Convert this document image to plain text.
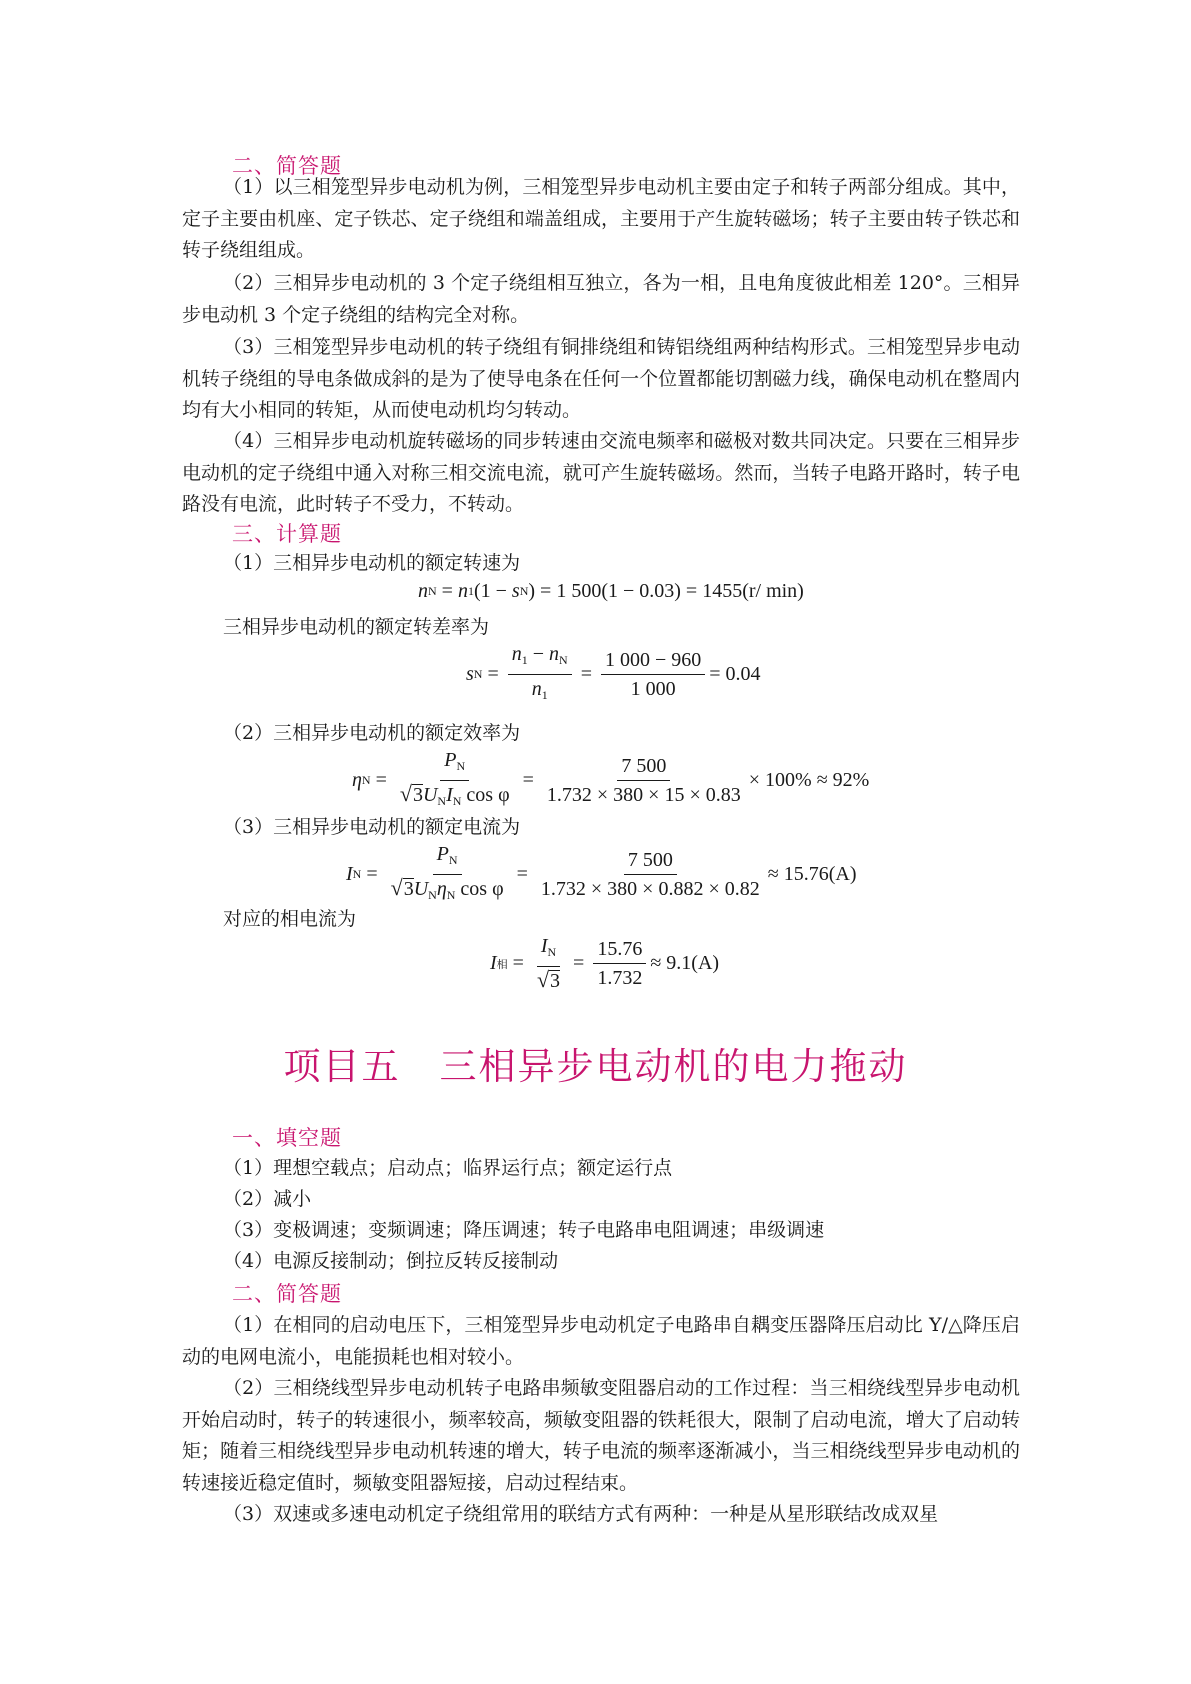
二、简答题

（1）以三相笼型异步电动机为例，三相笼型异步电动机主要由定子和转子两部分组成。其中，定子主要由机座、定子铁芯、定子绕组和端盖组成，主要用于产生旋转磁场；转子主要由转子铁芯和转子绕组组成。

（2）三相异步电动机的 3 个定子绕组相互独立，各为一相，且电角度彼此相差 120°。三相异步电动机 3 个定子绕组的结构完全对称。

（3）三相笼型异步电动机的转子绕组有铜排绕组和铸铝绕组两种结构形式。三相笼型异步电动机转子绕组的导电条做成斜的是为了使导电条在任何一个位置都能切割磁力线，确保电动机在整周内均有大小相同的转矩，从而使电动机均匀转动。

（4）三相异步电动机旋转磁场的同步转速由交流电频率和磁极对数共同决定。只要在三相异步电动机的定子绕组中通入对称三相交流电流，就可产生旋转磁场。然而，当转子电路开路时，转子电路没有电流，此时转子不受力，不转动。

三、计算题
（1）三相异步电动机的额定转速为
n N = n 1 (1 − s N ) = 1 500(1 − 0.03) = 1455(r/ min)
三相异步电动机的额定转差率为
s $N = \frac{n_1 - n_N}{n_1} = \frac{1 000 - 960}{1 000} = 0.04$
（2）三相异步电动机的额定效率为
η $N = \frac{P_N}{√ 3 U_NI_N \cos \varphi} = \frac{7 500}{1.732 \times 380 \times 15 \times 0.83} \times 100\% \approx 92\%$
（3）三相异步电动机的额定电流为
I $N = \frac{P_N}{√ 3 U_N\eta_N \cos \varphi} = \frac{7 500}{1.732 \times 380 \times 0.882 \times 0.82} \approx 15.76(A)$
对应的相电流为
I 相 = $\frac{I_N}{√ 3} = \frac{15.76}{1.732} \approx 9.1(A)$
项目五　三相异步电动机的电力拖动
一、填空题
（1）理想空载点；启动点；临界运行点；额定运行点
（2）减小
（3）变极调速；变频调速；降压调速；转子电路串电阻调速；串级调速
（4）电源反接制动；倒拉反转反接制动
二、简答题

（1）在相同的启动电压下，三相笼型异步电动机定子电路串自耦变压器降压启动比 Y/△降压启动的电网电流小，电能损耗也相对较小。

（2）三相绕线型异步电动机转子电路串频敏变阻器启动的工作过程：当三相绕线型异步电动机开始启动时，转子的转速很小，频率较高，频敏变阻器的铁耗很大，限制了启动电流，增大了启动转矩；随着三相绕线型异步电动机转速的增大，转子电流的频率逐渐减小，当三相绕线型异步电动机的转速接近稳定值时，频敏变阻器短接，启动过程结束。

（3）双速或多速电动机定子绕组常用的联结方式有两种：一种是从星形联结改成双星
